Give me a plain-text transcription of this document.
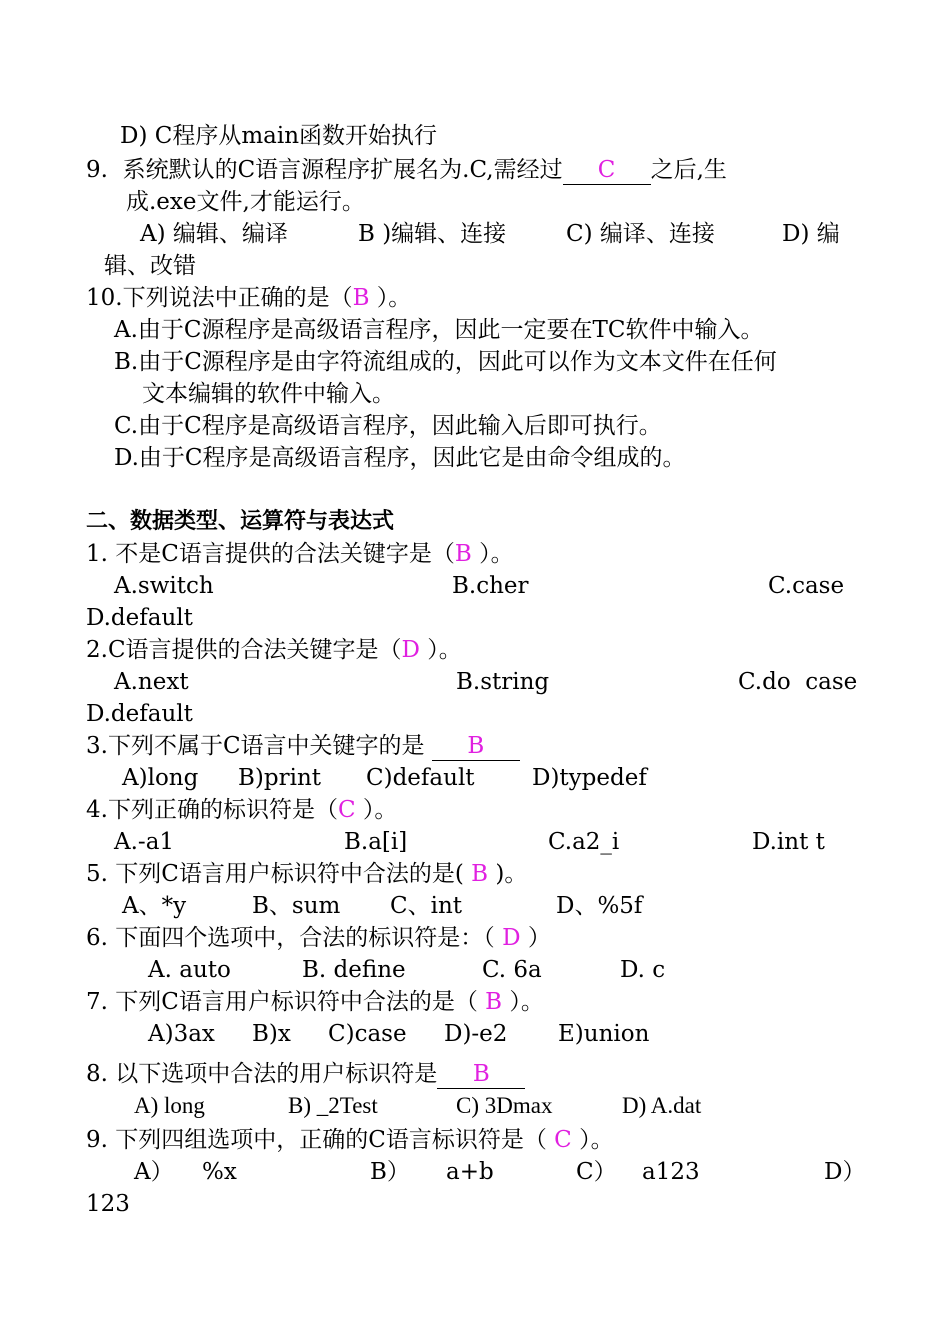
D) C程序从main函数开始执行
9. 系统默认的C语言源程序扩展名为.C,需经过 C 之后,生
成.exe文件,才能运行。
A) 编辑、编译	B )编辑、连接	C) 编译、连接	D) 编
辑、改错
10.下列说法中正确的是（B ）。
A.由于C源程序是高级语言程序，因此一定要在TC软件中输入。
B.由于C源程序是由字符流组成的，因此可以作为文本文件在任何
文本编辑的软件中输入。
C.由于C程序是高级语言程序，因此输入后即可执行。
D.由于C程序是高级语言程序，因此它是由命令组成的。
二、数据类型、运算符与表达式
1. 不是C语言提供的合法关键字是（B ）。
A.switch	B.cher	C.case
D.default
2.C语言提供的合法关键字是（D ）。
A.next	B.string	C.do  case
D.default
3.下列不属于C语言中关键字的是 B
A)long B)print C)default D)typedef
4.下列正确的标识符是（C ）。
A.-a1	B.a[i]	C.a2_i	D.int t
5. 下列C语言用户标识符中合法的是( B )。
A、*y	B、sum C、int	D、%5f
6. 下面四个选项中，合法的标识符是：（ D ）
A. auto	B. define	C. 6a	D. c
7. 下列C语言用户标识符中合法的是（ B ）。
A)3ax B)x C)case D)-e2 E)union
8. 以下选项中合法的用户标识符是 B
A) long	B) _2Test	C) 3Dmax	D) A.dat
9. 下列四组选项中，正确的C语言标识符是（ C ）。
A） %x	B） a+b	C） a123	D）
123
